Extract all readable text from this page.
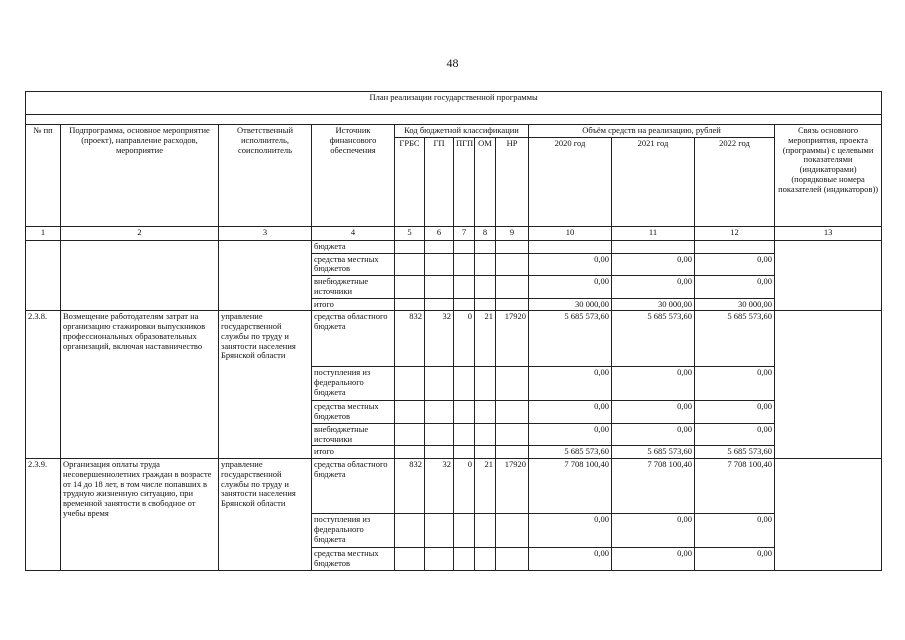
48
План реализации государственной программы												

№ пп	Подпрограмма, основное мероприятие (проект), направление расходов, мероприятие	Ответственный исполнитель, соисполнитель	Источник финансового обеспечения	Код бюджетной классификации					Объём средств на реализацию, рублей			Связь основного мероприятия, проекта (программы) с целевыми показателями (индикаторами) (порядковые номера показателей (индикаторов))
				ГРБС	ГП	ПГП	ОМ	НР	2020 год	2021 год	2022 год	
1	2	3	4	5	6	7	8	9	10	11	12	13
			бюджета									
			средства местных бюджетов						0,00	0,00	0,00	
			внебюджетные источники						0,00	0,00	0,00	
			итого						30 000,00	30 000,00	30 000,00	
2.3.8.	Возмещение работодателям затрат на организацию стажировки выпускников профессиональных образовательных организаций, включая наставничество	управление государственной службы по труду и занятости населения Брянской области	средства областного бюджета	832	32	0	21	17920	5 685 573,60	5 685 573,60	5 685 573,60	
			поступления из федерального бюджета						0,00	0,00	0,00	
			средства местных бюджетов						0,00	0,00	0,00	
			внебюджетные источники						0,00	0,00	0,00	
			итого						5 685 573,60	5 685 573,60	5 685 573,60	
2.3.9.	Организация оплаты труда несовершеннолетних граждан в возрасте от 14 до 18 лет, в том числе попавших в трудную жизненную ситуацию, при временной занятости в свободное от учебы время	управление государственной службы по труду и занятости населения Брянской области	средства областного бюджета	832	32	0	21	17920	7 708 100,40	7 708 100,40	7 708 100,40	
			поступления из федерального бюджета						0,00	0,00	0,00	
			средства местных бюджетов						0,00	0,00	0,00	
